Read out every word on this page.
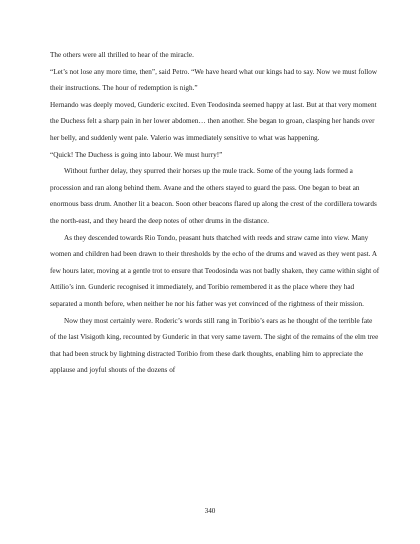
The others were all thrilled to hear of the miracle.

“Let’s not lose any more time, then”, said Petro. “We have heard what our kings had to say. Now we must follow their instructions. The hour of redemption is nigh.”

Hernando was deeply moved, Gunderic excited. Even Teodosinda seemed happy at last. But at that very moment the Duchess felt a sharp pain in her lower abdomen… then another. She began to groan, clasping her hands over her belly, and suddenly went pale. Valerio was immediately sensitive to what was happening.

“Quick! The Duchess is going into labour. We must hurry!”

Without further delay, they spurred their horses up the mule track. Some of the young lads formed a procession and ran along behind them. Avane and the others stayed to guard the pass. One began to beat an enormous bass drum. Another lit a beacon. Soon other beacons flared up along the crest of the cordillera towards the north-east, and they heard the deep notes of other drums in the distance.

As they descended towards Rio Tondo, peasant huts thatched with reeds and straw came into view. Many women and children had been drawn to their thresholds by the echo of the drums and waved as they went past. A few hours later, moving at a gentle trot to ensure that Teodosinda was not badly shaken, they came within sight of Attilio’s inn. Gunderic recognised it immediately, and Toribio remembered it as the place where they had separated a month before, when neither he nor his father was yet convinced of the rightness of their mission.

Now they most certainly were. Roderic’s words still rang in Toribio’s ears as he thought of the terrible fate of the last Visigoth king, recounted by Gunderic in that very same tavern. The sight of the remains of the elm tree that had been struck by lightning distracted Toribio from these dark thoughts, enabling him to appreciate the applause and joyful shouts of the dozens of

340
